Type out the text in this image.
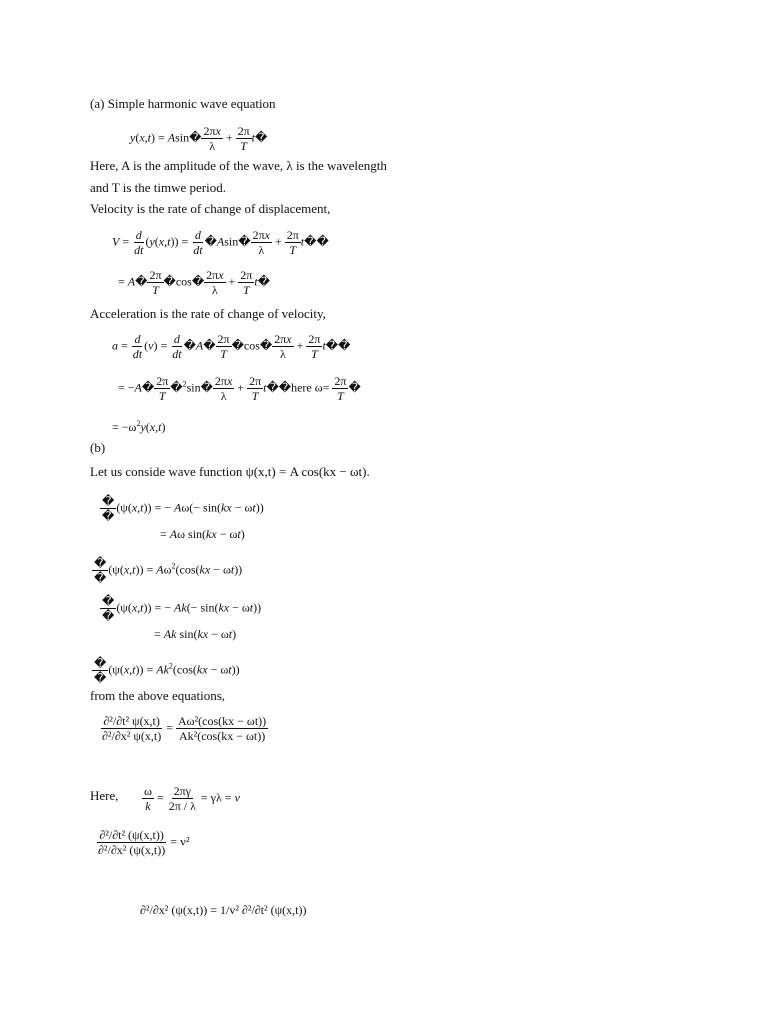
(a) Simple harmonic wave equation
y(x,t) = Asin� $\frac{2\pi x}{\lambda} + \frac{2\pi}{T}$ t�
Here, A is the amplitude of the wave, λ is the wavelength
and T is the timwe period.
Velocity is the rate of change of displacement,
$V = \frac{d}{dt} (y(x,t)) = \frac{d}{dt}$ �Asin� $\frac{2\pi x}{\lambda} + \frac{2\pi}{T}$ t��
= A� $\frac{2\pi}{T}$ �cos� $\frac{2\pi x}{\lambda} + \frac{2\pi}{T}$ t�
Acceleration is the rate of change of velocity,
$a = \frac{d}{dt} (v) = \frac{d}{dt}$ �A� $\frac{2\pi}{T}$ �cos� $\frac{2\pi x}{\lambda} + \frac{2\pi}{T}$ t��
= −A� $\frac{2\pi}{T}$ �$^2$sin� $\frac{2\pi x}{\lambda} + \frac{2\pi}{T}$ t��here $\omega= \frac{2\pi}{T}$ �
= $-\omega^2y(x,t)$
(b)
Let us conside wave function ψ(x,t) = A cos(kx − ωt).
�
�
(ψ(x,t)) = − Aω(− sin(kx − ωt))
= Aω sin(kx − ωt)
�
�
$(\psi(x,t)) = A\omega^2(\cos(kx - \omega t))$
�
�
(ψ(x,t)) = − Ak(− sin(kx − ωt))
= Ak sin(kx − ωt)
�
�
$(\psi(x,t)) = Ak^2(\cos(kx - \omega t))$
from the above equations,
$\frac{\text{∂²/∂t² ψ(x,t)}}{\text{∂²/∂x² ψ(x,t)}} = \frac{\text{Aω²(cos(kx − ωt))}}{\text{Ak²(cos(kx − ωt))}}$
Here, $\frac{\omega}{k} = \frac{2\pi\gamma}{2\pi / \lambda} = \gamma\lambda = v$
$\frac{\text{∂²/∂t² (ψ(x,t))}}{\text{∂²/∂x² (ψ(x,t))}} = v^2$
∂²/∂x² (ψ(x,t)) = 1/v² ∂²/∂t² (ψ(x,t))
